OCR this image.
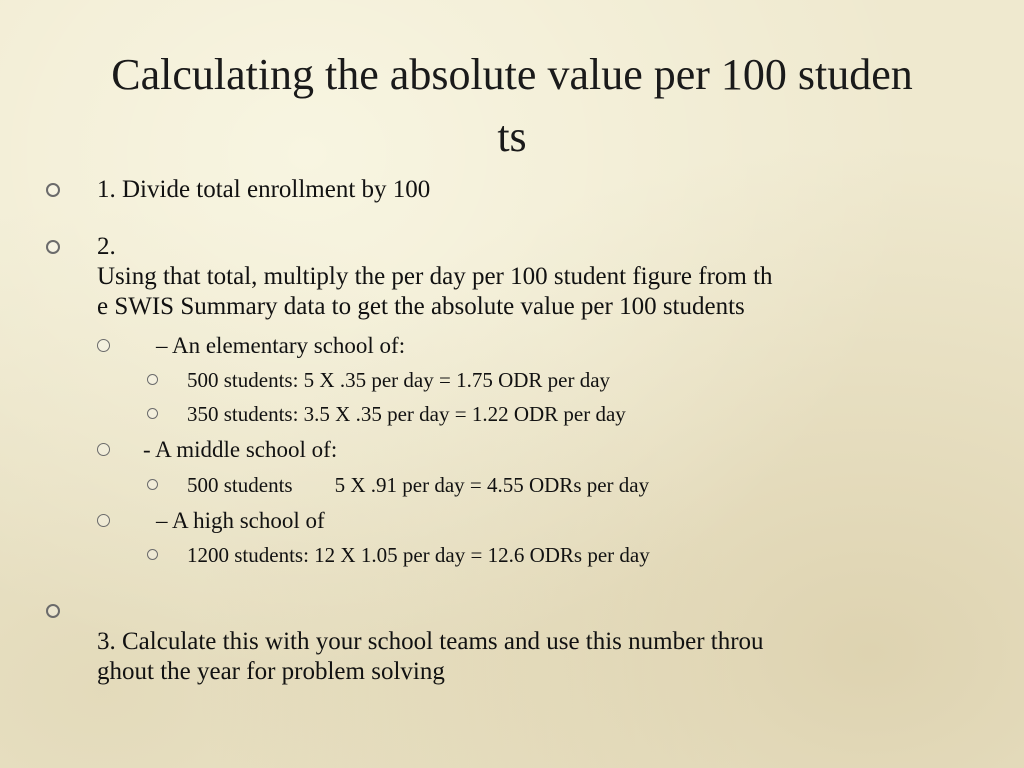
Calculating the absolute value per 100 studen
ts
1. Divide total enrollment by 100
2.
Using that total, multiply the per day per 100 student figure from th
e SWIS Summary data to get the absolute value per 100 students
– An elementary school of:
500 students: 5 X .35 per day = 1.75 ODR per day
350 students: 3.5 X .35 per day = 1.22 ODR per day
- A middle school of:
500 students        5 X .91 per day = 4.55 ODRs per day
– A high school of
1200 students: 12 X 1.05 per day = 12.6 ODRs per day
3. Calculate this with your school teams and use this number throu
ghout the year for problem solving
